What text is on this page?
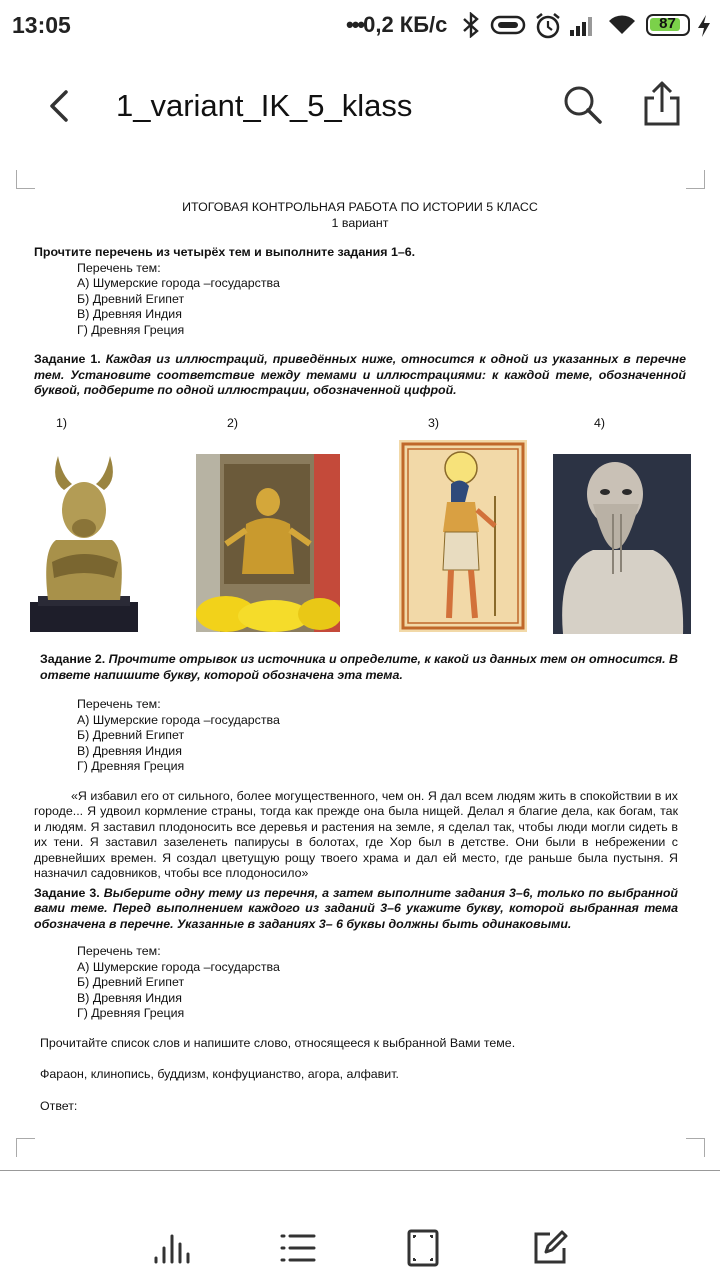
13:05	•••0,2 КБ/с	87
1_variant_IK_5_klass
ИТОГОВАЯ КОНТРОЛЬНАЯ РАБОТА ПО ИСТОРИИ 5 КЛАСС
1 вариант
Прочтите перечень из четырёх тем и выполните задания 1–6.
Перечень тем:
А) Шумерские города –государства
Б) Древний Египет
В) Древняя Индия
Г) Древняя Греция
Задание 1. Каждая из иллюстраций, приведённых ниже, относится к одной из указанных в перечне тем. Установите соответствие между темами и иллюстрациями: к каждой теме, обозначенной буквой, подберите по одной иллюстрации, обозначенной цифрой.
1)	2)	3)	4)
Задание 2. Прочтите отрывок из источника и определите, к какой из данных тем он относится. В ответе напишите букву, которой обозначена эта тема.
Перечень тем:
А) Шумерские города –государства
Б) Древний Египет
В) Древняя Индия
Г) Древняя Греция
«Я избавил его от сильного, более могущественного, чем он. Я дал всем людям жить в спокойствии в их городе... Я удвоил кормление страны, тогда как прежде она была нищей. Делал я благие дела, как богам, так и людям. Я заставил плодоносить все деревья и растения на земле, я сделал так, чтобы люди могли сидеть в их тени. Я заставил зазеленеть папирусы в болотах, где Хор был в детстве. Они были в небрежении с древнейших времен. Я создал цветущую рощу твоего храма и дал ей место, где раньше была пустыня. Я назначил садовников, чтобы все плодоносило»
Задание 3. Выберите одну тему из перечня, а затем выполните задания 3–6, только по выбранной вами теме. Перед выполнением каждого из заданий 3–6 укажите букву, которой выбранная тема обозначена в перечне. Указанные в заданиях 3– 6 буквы должны быть одинаковыми.
Перечень тем:
А) Шумерские города –государства
Б) Древний Египет
В) Древняя Индия
Г) Древняя Греция
Прочитайте список слов и напишите слово, относящееся к выбранной Вами теме.
Фараон, клинопись, буддизм, конфуцианство, агора, алфавит.
Ответ:
